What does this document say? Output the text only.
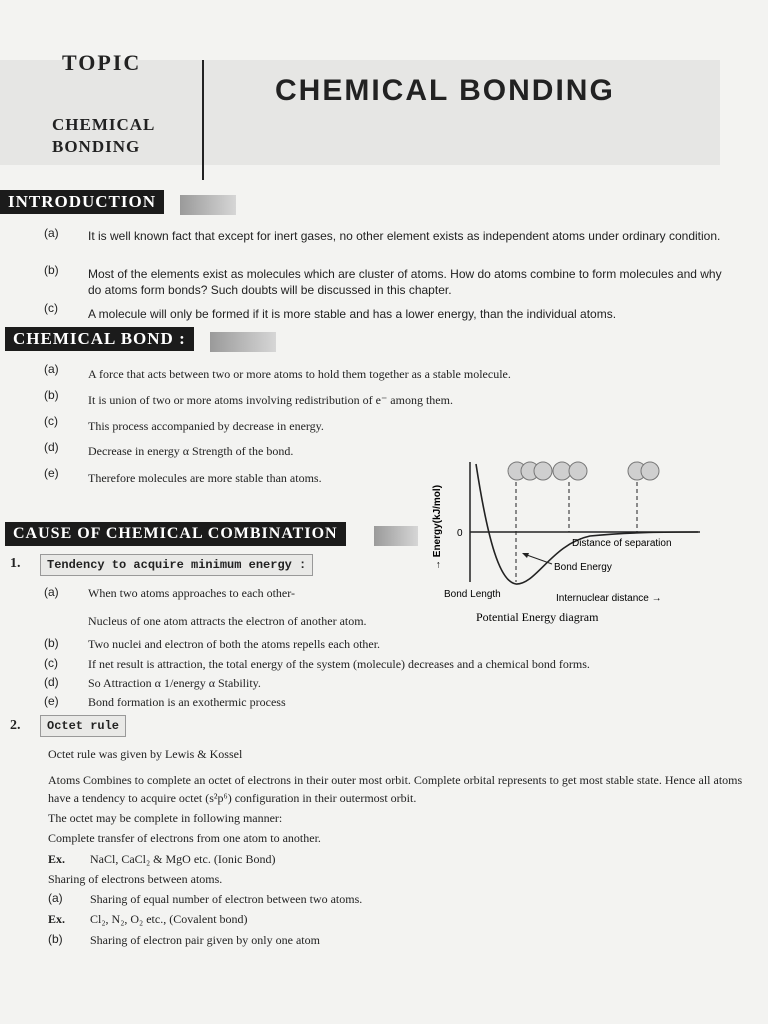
TOPIC
CHEMICAL
BONDING
CHEMICAL BONDING
INTRODUCTION
(a) It is well known fact that except for inert gases, no other element exists as independent atoms under ordinary condition.
(b) Most of the elements exist as molecules which are cluster of atoms. How do atoms combine to form molecules and why do atoms form bonds? Such doubts will be discussed in this chapter.
(c)	A molecule will only be formed if it is more stable and has a lower energy, than the individual atoms.
CHEMICAL BOND :
(a) A force that acts between two or more atoms to hold them together as a stable molecule.
(b) It is union of two or more atoms involving redistribution of e⁻ among them.
(c)	This process accompanied by decrease in energy.
(d) Decrease in energy α Strength of the bond.
(e) Therefore molecules are more stable than atoms.
→ Energy(kJ/mol) 0
Distance of separation
Bond Energy
Bond Length	Internuclear distance →
Potential Energy diagram
CAUSE OF CHEMICAL COMBINATION
1.	Tendency to acquire minimum energy :
(a) When two atoms approaches to each other-
Nucleus of one atom attracts the electron of another atom.
(b) Two nuclei and electron of both the atoms repells each other.
(c)	If net result is attraction, the total energy of the system (molecule) decreases and a chemical bond forms.
(d) So Attraction α 1/energy α Stability.
(e) Bond formation is an exothermic process
2.	Octet rule
Octet rule was given by Lewis & Kossel
Atoms Combines to complete an octet of electrons in their outer most orbit. Complete orbital represents to get most stable state. Hence all atoms have a tendency to acquire octet (s²p⁶) configuration in their outermost orbit.
The octet may be complete in following manner:
Complete transfer of electrons from one atom to another.
Ex. NaCl, CaCl₂ & MgO etc. (Ionic Bond)
Sharing of electrons between atoms.
(a) Sharing of equal number of electron between two atoms.
Ex. Cl₂, N₂, O₂ etc., (Covalent bond)
(b) Sharing of electron pair given by only one atom
